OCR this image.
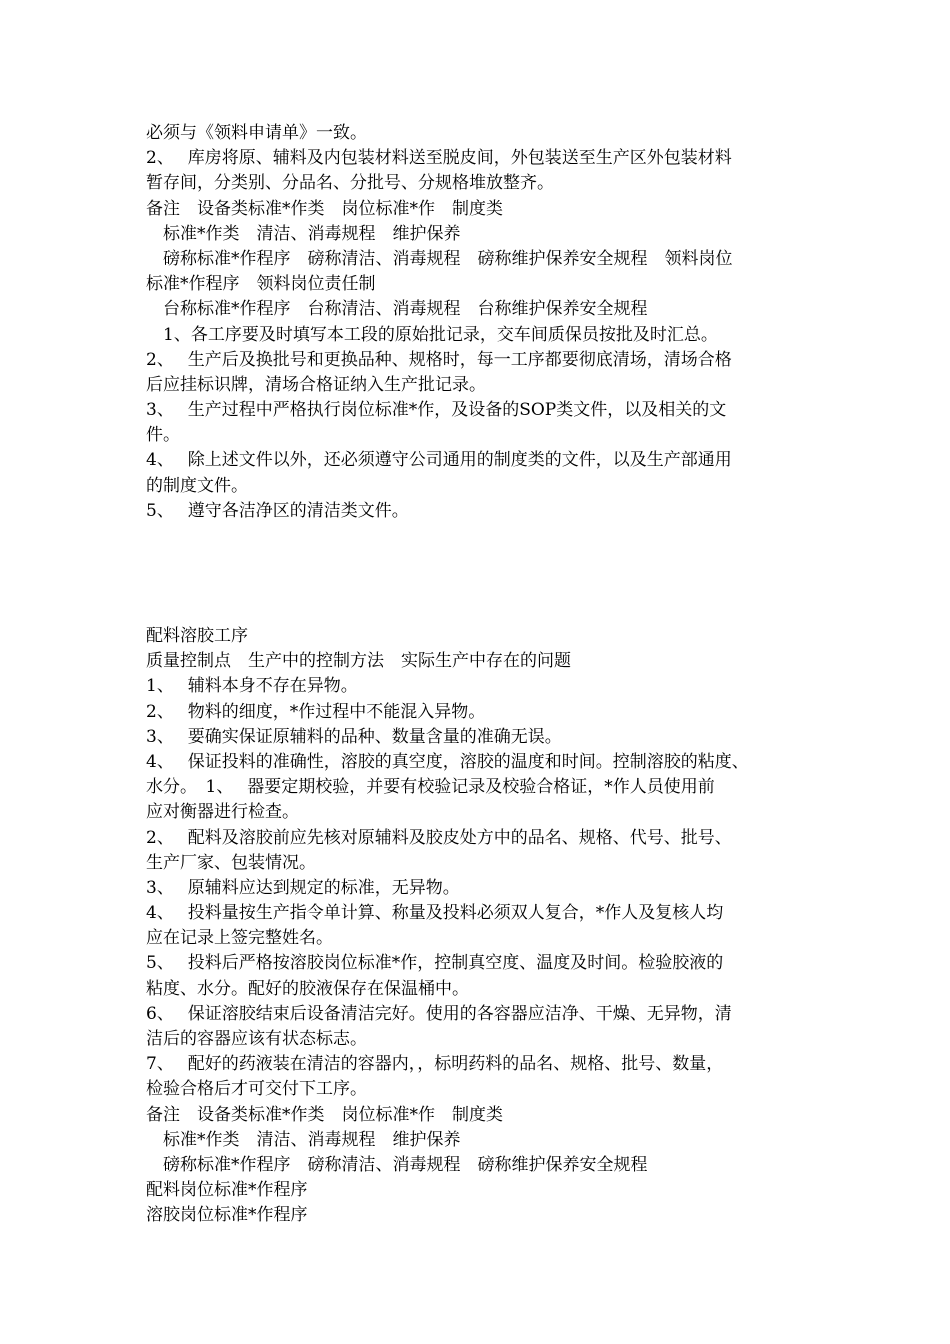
必须与《领料申请单》一致。

2、　 库房将原、辅料及内包装材料送至脱皮间，外包装送至生产区外包装材料

暂存间，分类别、分品名、分批号、分规格堆放整齐。

备注　设备类标准*作类　岗位标准*作　制度类

　标准*作类　清洁、消毒规程　维护保养

　磅称标准*作程序　磅称清洁、消毒规程　磅称维护保养安全规程　领料岗位

标准*作程序　领料岗位责任制

　台称标准*作程序　台称清洁、消毒规程　台称维护保养安全规程

　1、各工序要及时填写本工段的原始批记录，交车间质保员按批及时汇总。

2、　 生产后及换批号和更换品种、规格时，每一工序都要彻底清场，清场合格

后应挂标识牌，清场合格证纳入生产批记录。

3、　 生产过程中严格执行岗位标准*作，及设备的SOP类文件，以及相关的文

件。

4、　 除上述文件以外，还必须遵守公司通用的制度类的文件，以及生产部通用

的制度文件。

5、　 遵守各洁净区的清洁类文件。

配料溶胶工序

质量控制点　生产中的控制方法　实际生产中存在的问题

1、　 辅料本身不存在异物。

2、　 物料的细度，*作过程中不能混入异物。

3、　 要确实保证原辅料的品种、数量含量的准确无误。

4、　 保证投料的准确性，溶胶的真空度，溶胶的温度和时间。控制溶胶的粘度、

水分。　1、　 器要定期校验，并要有校验记录及校验合格证，*作人员使用前

应对衡器进行检查。

2、　 配料及溶胶前应先核对原辅料及胶皮处方中的品名、规格、代号、批号、

生产厂家、包装情况。

3、　 原辅料应达到规定的标准，无异物。

4、　 投料量按生产指令单计算、称量及投料必须双人复合，*作人及复核人均

应在记录上签完整姓名。

5、　 投料后严格按溶胶岗位标准*作，控制真空度、温度及时间。检验胶液的

粘度、水分。配好的胶液保存在保温桶中。

6、　 保证溶胶结束后设备清洁完好。使用的各容器应洁净、干燥、无异物，清

洁后的容器应该有状态标志。

7、　 配好的药液装在清洁的容器内，，标明药料的品名、规格、批号、数量，

检验合格后才可交付下工序。

备注　设备类标准*作类　岗位标准*作　制度类

　标准*作类　清洁、消毒规程　维护保养

　磅称标准*作程序　磅称清洁、消毒规程　磅称维护保养安全规程

配料岗位标准*作程序

溶胶岗位标准*作程序
